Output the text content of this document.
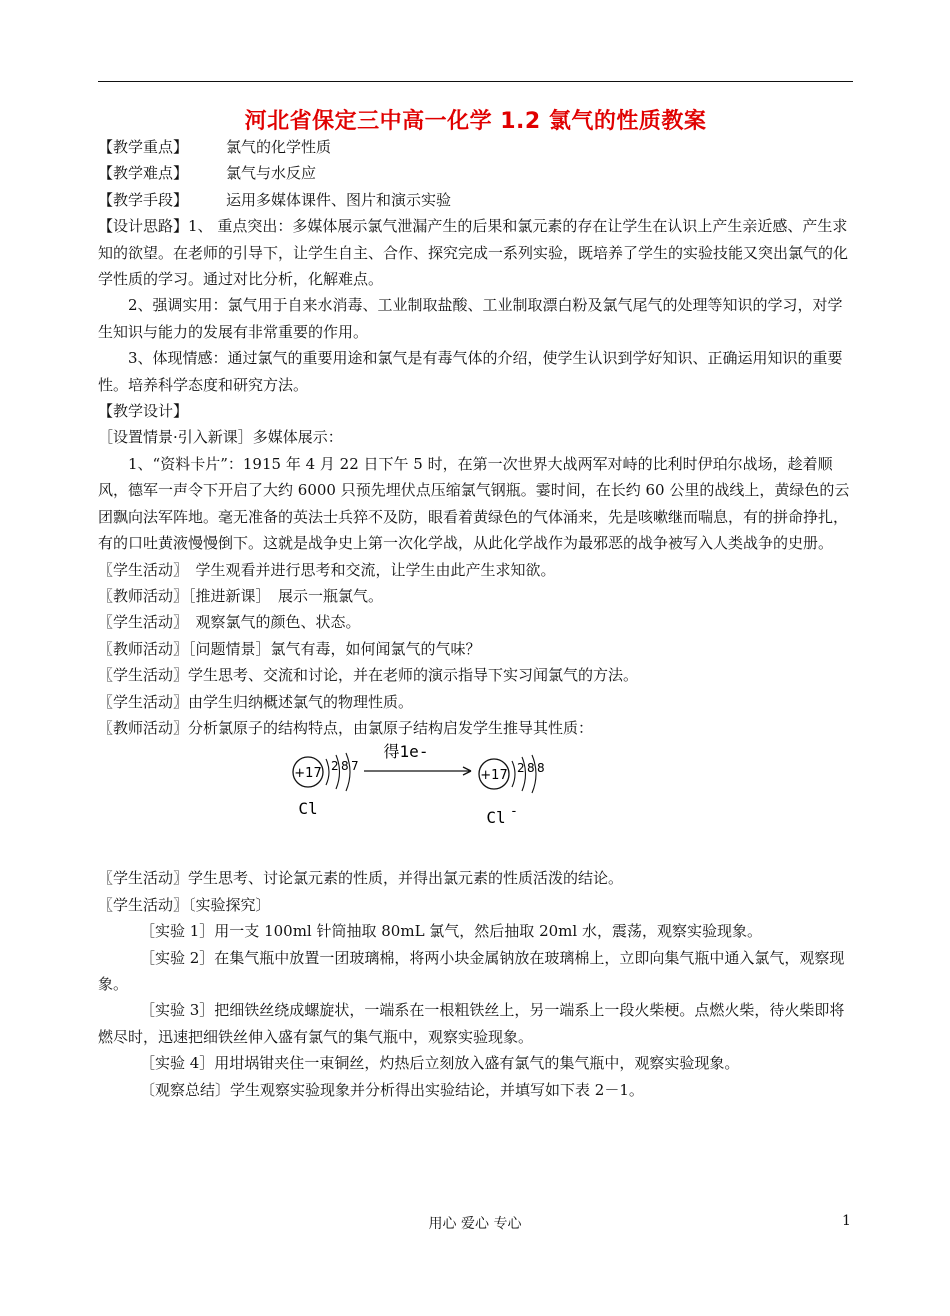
河北省保定三中高一化学 1.2 氯气的性质教案

【教学重点】	氯气的化学性质

【教学难点】	氯气与水反应

【教学手段】	运用多媒体课件、图片和演示实验

【设计思路】1、 重点突出：多媒体展示氯气泄漏产生的后果和氯元素的存在让学生在认识上产生亲近感、产生求知的欲望。在老师的引导下，让学生自主、合作、探究完成一系列实验，既培养了学生的实验技能又突出氯气的化学性质的学习。通过对比分析，化解难点。

2、强调实用：氯气用于自来水消毒、工业制取盐酸、工业制取漂白粉及氯气尾气的处理等知识的学习，对学生知识与能力的发展有非常重要的作用。

3、体现情感：通过氯气的重要用途和氯气是有毒气体的介绍，使学生认识到学好知识、正确运用知识的重要性。培养科学态度和研究方法。

【教学设计】

［设置情景·引入新课］多媒体展示：

1、“资料卡片”：1915 年 4 月 22 日下午 5 时，在第一次世界大战两军对峙的比利时伊珀尔战场，趁着顺风，德军一声令下开启了大约 6000 只预先埋伏点压缩氯气钢瓶。霎时间，在长约 60 公里的战线上，黄绿色的云团飘向法军阵地。毫无准备的英法士兵猝不及防，眼看着黄绿色的气体涌来，先是咳嗽继而喘息，有的拼命挣扎，有的口吐黄液慢慢倒下。这就是战争史上第一次化学战，从此化学战作为最邪恶的战争被写入人类战争的史册。

〖学生活动〗　学生观看并进行思考和交流，让学生由此产生求知欲。

〖教师活动〗［推进新课］　展示一瓶氯气。

〖学生活动〗　观察氯气的颜色、状态。

〖教师活动〗［问题情景］氯气有毒，如何闻氯气的气味？

〖学生活动〗学生思考、交流和讨论，并在老师的演示指导下实习闻氯气的方法。

〖学生活动〗由学生归纳概述氯气的物理性质。

〖教师活动〗分析氯原子的结构特点，由氯原子结构启发学生推导其性质：

+17 2 8 7
Cl
得1e-
+17 2 8 8
Cl -

〖学生活动〗学生思考、讨论氯元素的性质，并得出氯元素的性质活泼的结论。

〖学生活动〗〔实验探究〕

［实验 1］用一支 100ml 针筒抽取 80mL 氯气，然后抽取 20ml 水，震荡，观察实验现象。

［实验 2］在集气瓶中放置一团玻璃棉，将两小块金属钠放在玻璃棉上，立即向集气瓶中通入氯气，观察现象。

［实验 3］把细铁丝绕成螺旋状，一端系在一根粗铁丝上，另一端系上一段火柴梗。点燃火柴，待火柴即将燃尽时，迅速把细铁丝伸入盛有氯气的集气瓶中，观察实验现象。

［实验 4］用坩埚钳夹住一束铜丝，灼热后立刻放入盛有氯气的集气瓶中，观察实验现象。

〔观察总结〕学生观察实验现象并分析得出实验结论，并填写如下表 2－1。

用心 爱心 专心	1
